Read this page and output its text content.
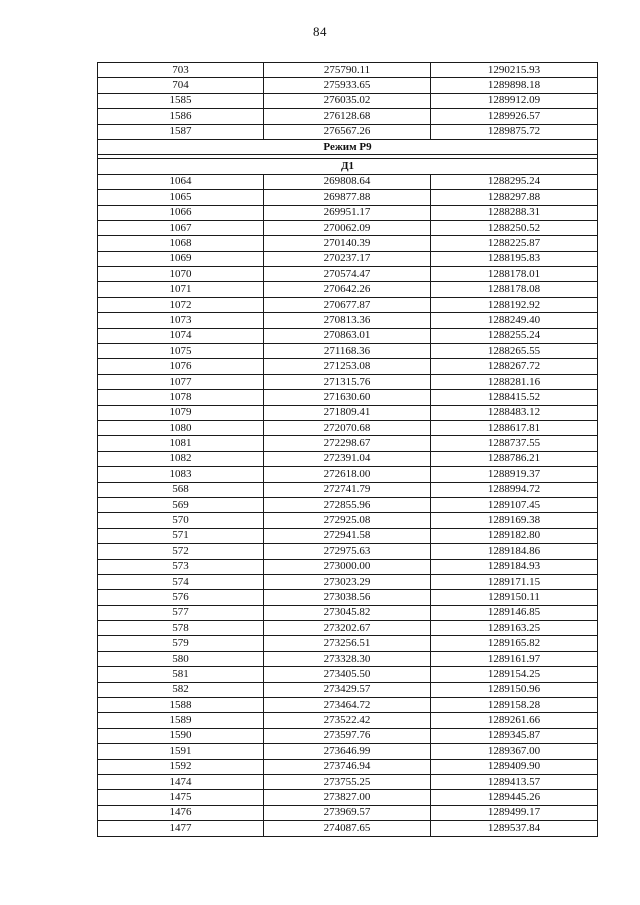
84
703	275790.11	1290215.93
704	275933.65	1289898.18
1585	276035.02	1289912.09
1586	276128.68	1289926.57
1587	276567.26	1289875.72
Режим Р9		

Д1		
1064	269808.64	1288295.24
1065	269877.88	1288297.88
1066	269951.17	1288288.31
1067	270062.09	1288250.52
1068	270140.39	1288225.87
1069	270237.17	1288195.83
1070	270574.47	1288178.01
1071	270642.26	1288178.08
1072	270677.87	1288192.92
1073	270813.36	1288249.40
1074	270863.01	1288255.24
1075	271168.36	1288265.55
1076	271253.08	1288267.72
1077	271315.76	1288281.16
1078	271630.60	1288415.52
1079	271809.41	1288483.12
1080	272070.68	1288617.81
1081	272298.67	1288737.55
1082	272391.04	1288786.21
1083	272618.00	1288919.37
568	272741.79	1288994.72
569	272855.96	1289107.45
570	272925.08	1289169.38
571	272941.58	1289182.80
572	272975.63	1289184.86
573	273000.00	1289184.93
574	273023.29	1289171.15
576	273038.56	1289150.11
577	273045.82	1289146.85
578	273202.67	1289163.25
579	273256.51	1289165.82
580	273328.30	1289161.97
581	273405.50	1289154.25
582	273429.57	1289150.96
1588	273464.72	1289158.28
1589	273522.42	1289261.66
1590	273597.76	1289345.87
1591	273646.99	1289367.00
1592	273746.94	1289409.90
1474	273755.25	1289413.57
1475	273827.00	1289445.26
1476	273969.57	1289499.17
1477	274087.65	1289537.84
